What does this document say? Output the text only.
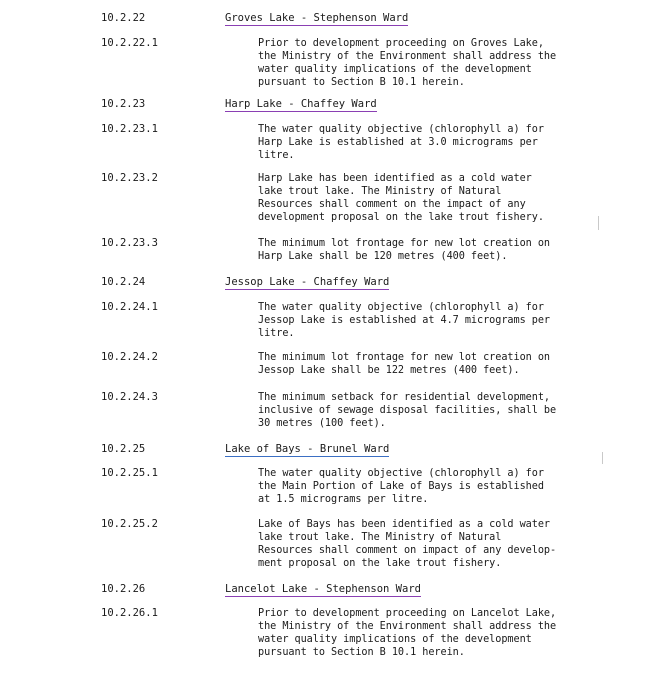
10.2.22	Groves Lake - Stephenson Ward
10.2.22.1	Prior to development proceeding on Groves Lake,
the Ministry of the Environment shall address the
water quality implications of the development
pursuant to Section B 10.1 herein.
10.2.23	Harp Lake - Chaffey Ward
10.2.23.1	The water quality objective (chlorophyll a) for
Harp Lake is established at 3.0 micrograms per
litre.
10.2.23.2	Harp Lake has been identified as a cold water
lake trout lake. The Ministry of Natural
Resources shall comment on the impact of any
development proposal on the lake trout fishery.
10.2.23.3	The minimum lot frontage for new lot creation on
Harp Lake shall be 120 metres (400 feet).
10.2.24	Jessop Lake - Chaffey Ward
10.2.24.1	The water quality objective (chlorophyll a) for
Jessop Lake is established at 4.7 micrograms per
litre.
10.2.24.2	The minimum lot frontage for new lot creation on
Jessop Lake shall be 122 metres (400 feet).
10.2.24.3	The minimum setback for residential development,
inclusive of sewage disposal facilities, shall be
30 metres (100 feet).
10.2.25	Lake of Bays - Brunel Ward
10.2.25.1	The water quality objective (chlorophyll a) for
the Main Portion of Lake of Bays is established
at 1.5 micrograms per litre.
10.2.25.2	Lake of Bays has been identified as a cold water
lake trout lake. The Ministry of Natural
Resources shall comment on impact of any develop-
ment proposal on the lake trout fishery.
10.2.26	Lancelot Lake - Stephenson Ward
10.2.26.1	Prior to development proceeding on Lancelot Lake,
the Ministry of the Environment shall address the
water quality implications of the development
pursuant to Section B 10.1 herein.
